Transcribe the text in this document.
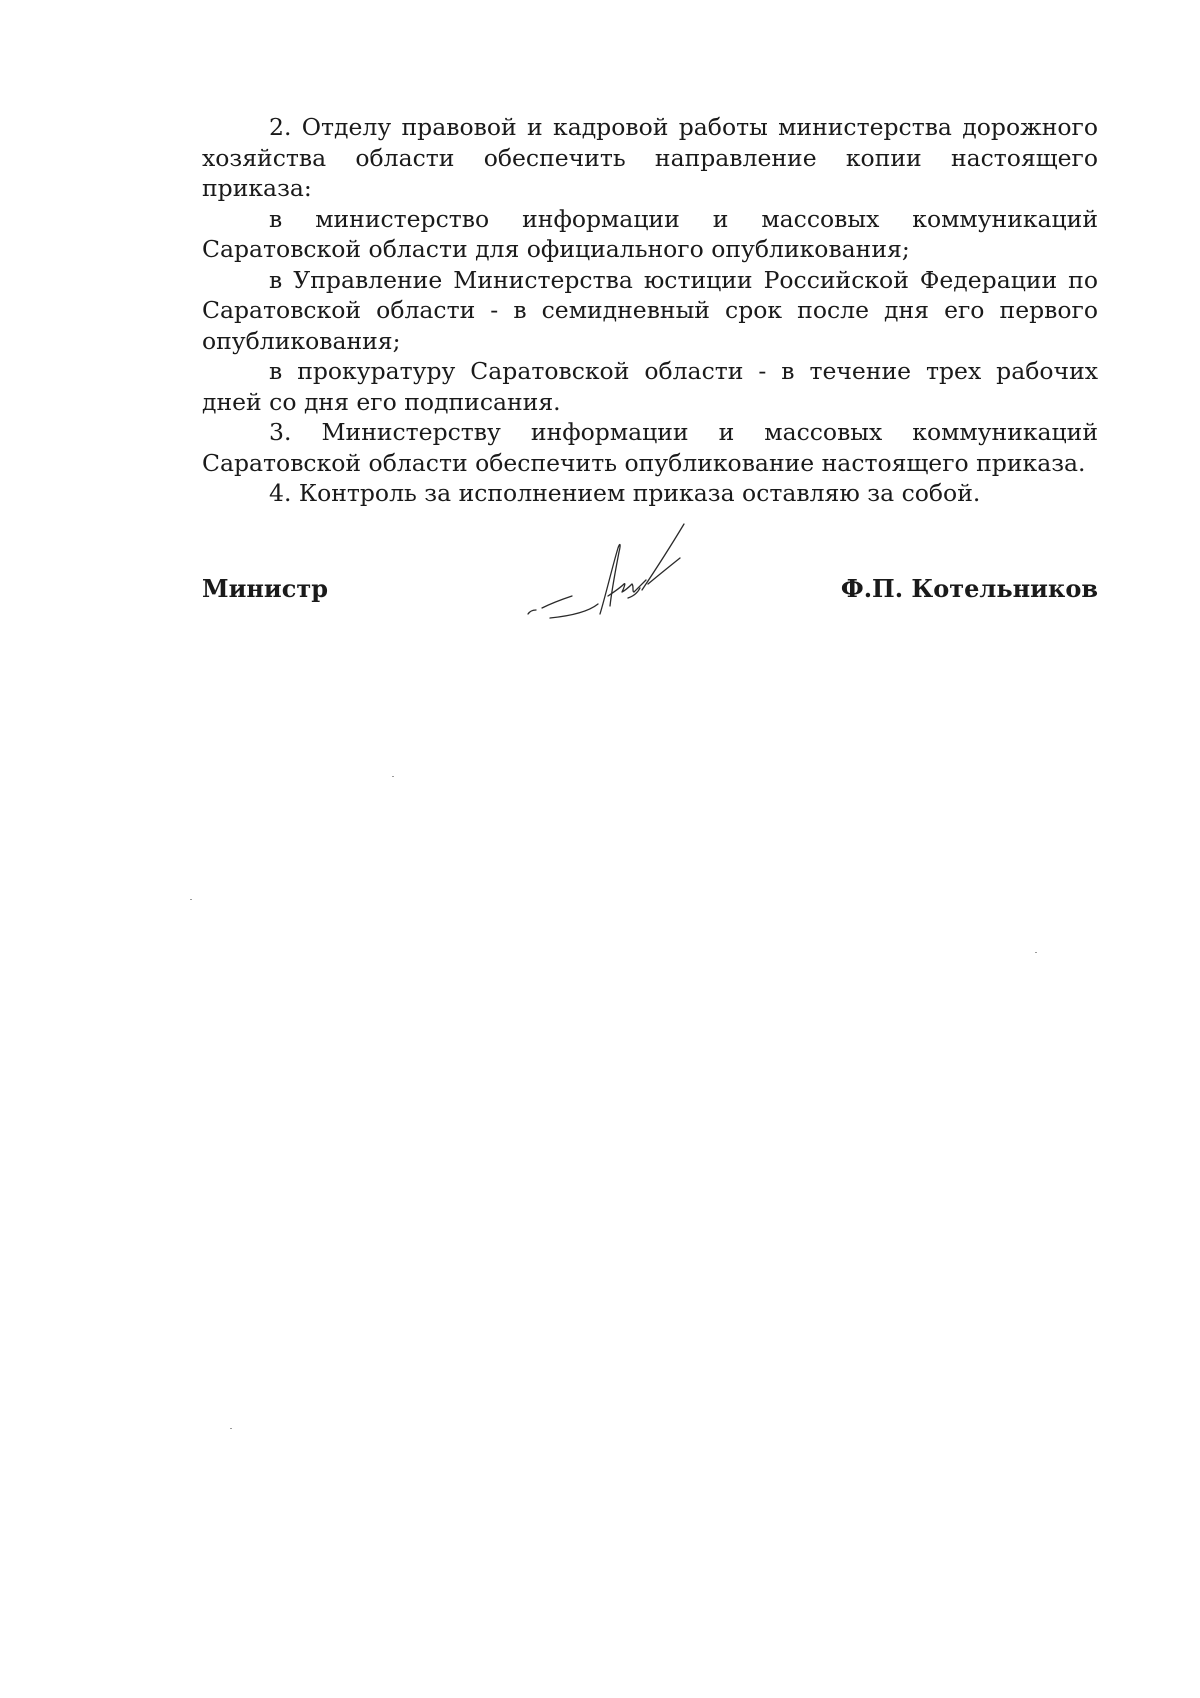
2. Отделу правовой и кадровой работы министерства дорожного хозяйства области обеспечить направление копии настоящего приказа:

в министерство информации и массовых коммуникаций Саратовской области для официального опубликования;

в Управление Министерства юстиции Российской Федерации по Саратовской области - в семидневный срок после дня его первого опубликования;

в прокуратуру Саратовской области - в течение трех рабочих дней со дня его подписания.

3. Министерству информации и массовых коммуникаций Саратовской области обеспечить опубликование настоящего приказа.

4. Контроль за исполнением приказа оставляю за собой.

Министр	Ф.П. Котельников
